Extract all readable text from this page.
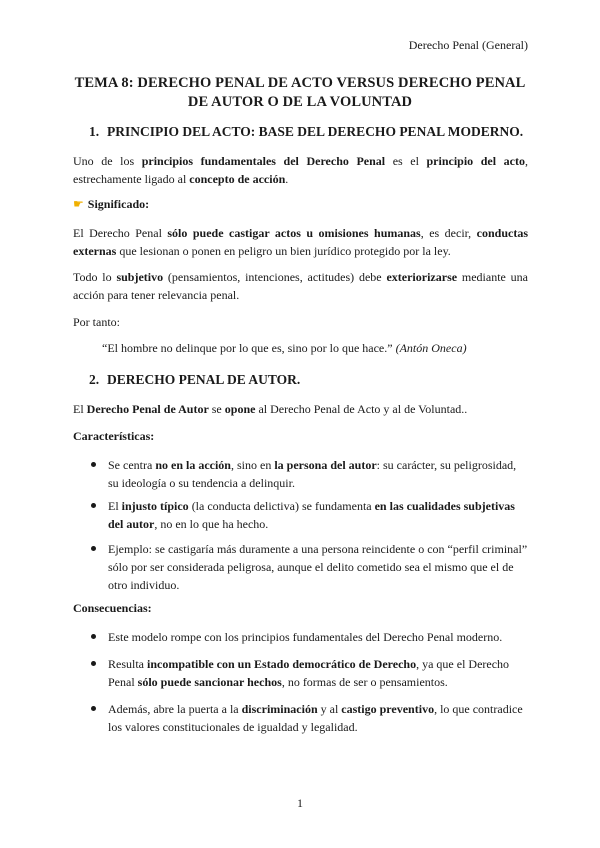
Derecho Penal (General)
TEMA 8: DERECHO PENAL DE ACTO VERSUS DERECHO PENAL
DE AUTOR O DE LA VOLUNTAD
1. PRINCIPIO DEL ACTO: BASE DEL DERECHO PENAL MODERNO.
Uno de los principios fundamentales del Derecho Penal es el principio del acto, estrechamente ligado al concepto de acción.
☛ Significado:
El Derecho Penal sólo puede castigar actos u omisiones humanas, es decir, conductas externas que lesionan o ponen en peligro un bien jurídico protegido por la ley.
Todo lo subjetivo (pensamientos, intenciones, actitudes) debe exteriorizarse mediante una acción para tener relevancia penal.
Por tanto:
“El hombre no delinque por lo que es, sino por lo que hace.” (Antón Oneca)
2. DERECHO PENAL DE AUTOR.
El Derecho Penal de Autor se opone al Derecho Penal de Acto y al de Voluntad..
Características:
Se centra no en la acción, sino en la persona del autor: su carácter, su peligrosidad, su ideología o su tendencia a delinquir.
El injusto típico (la conducta delictiva) se fundamenta en las cualidades subjetivas del autor, no en lo que ha hecho.
Ejemplo: se castigaría más duramente a una persona reincidente o con “perfil criminal” sólo por ser considerada peligrosa, aunque el delito cometido sea el mismo que el de otro individuo.
Consecuencias:
Este modelo rompe con los principios fundamentales del Derecho Penal moderno.
Resulta incompatible con un Estado democrático de Derecho, ya que el Derecho Penal sólo puede sancionar hechos, no formas de ser o pensamientos.
Además, abre la puerta a la discriminación y al castigo preventivo, lo que contradice los valores constitucionales de igualdad y legalidad.
1
